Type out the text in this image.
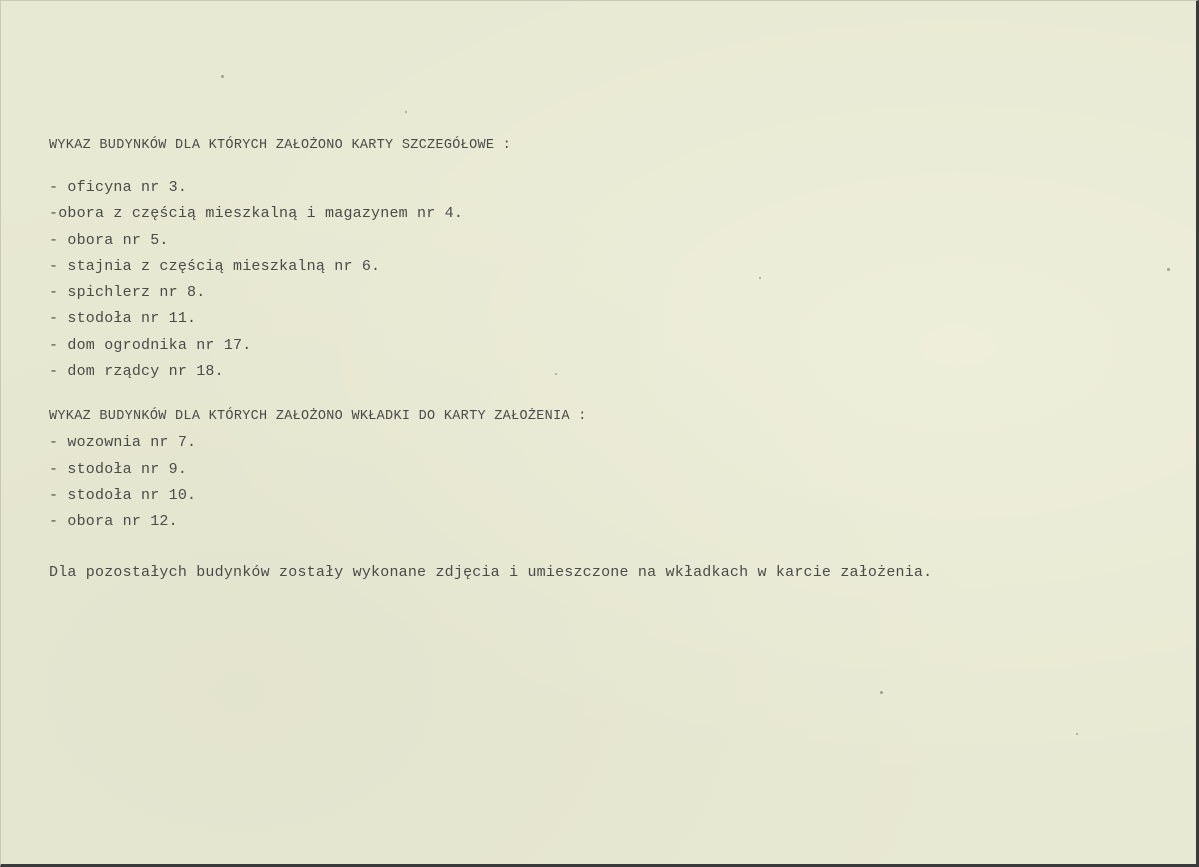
WYKAZ BUDYNKÓW DLA KTÓRYCH ZAŁOŻONO KARTY SZCZEGÓŁOWE :

- oficyna nr 3.
-obora z częścią mieszkalną i magazynem nr 4.
- obora nr 5.
- stajnia z częścią mieszkalną nr 6.
- spichlerz nr 8.
- stodoła nr 11.
- dom ogrodnika nr 17.
- dom rządcy nr 18.

WYKAZ BUDYNKÓW DLA KTÓRYCH ZAŁOŻONO WKŁADKI DO KARTY ZAŁOŻENIA :

- wozownia nr 7.
- stodoła nr 9.
- stodoła nr 10.
- obora nr 12.

Dla pozostałych budynków zostały wykonane zdjęcia i umieszczone na wkładkach w karcie założenia.
